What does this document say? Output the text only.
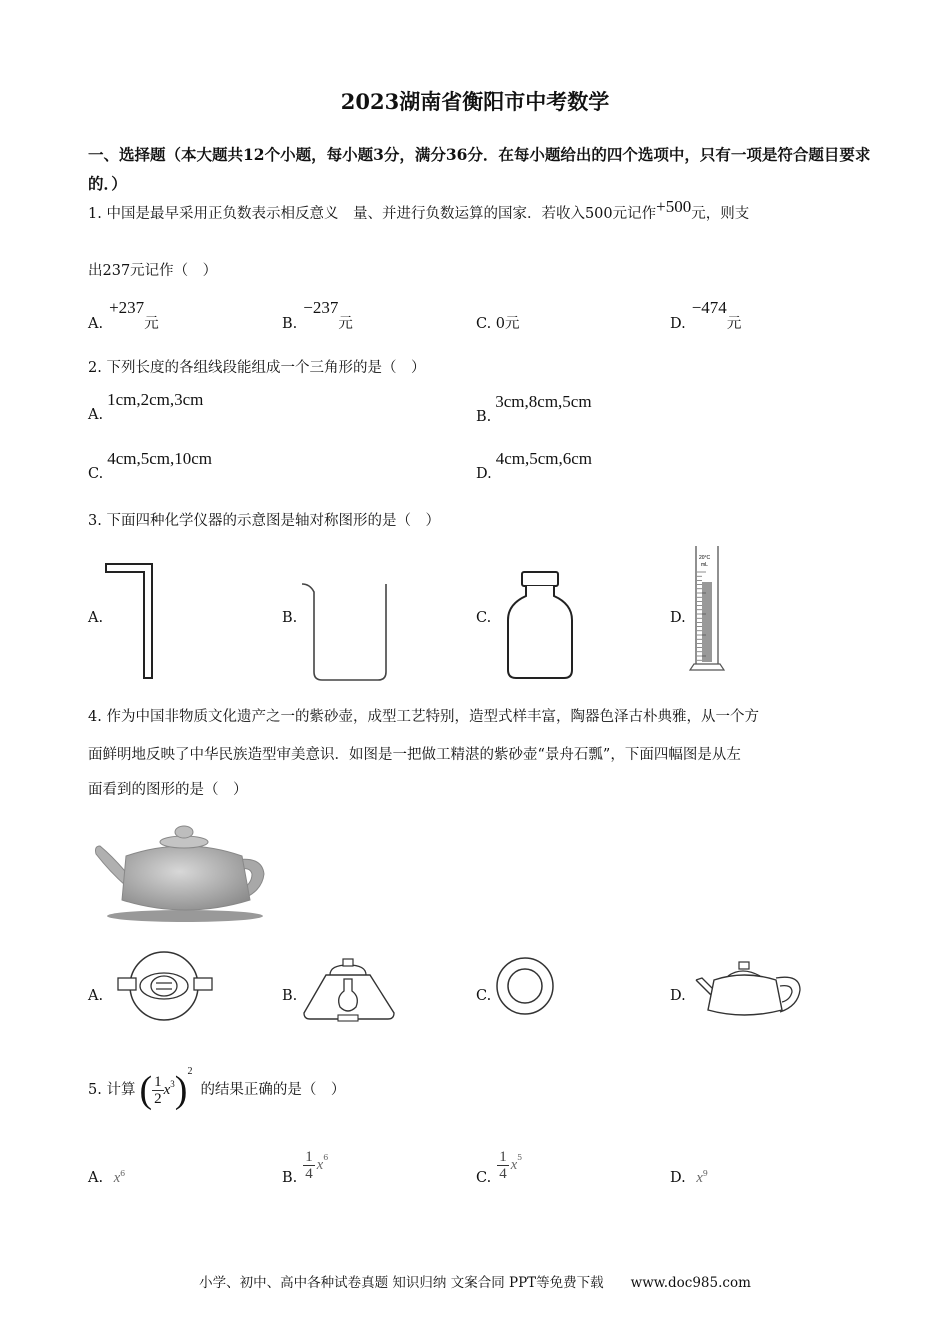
2023湖南省衡阳市中考数学
一、选择题（本大题共12个小题，每小题3分，满分36分．在每小题给出的四个选项中，只有一项是符合题目要求的．）
1. 中国是最早采用正负数表示相反意义　量、并进行负数运算的国家．若收入500元记作+500元，则支
出237元记作（　）
A.+237元	B.−237元	C. 0元	D.−474元
2. 下列长度的各组线段能组成一个三角形的是（　）
A.1cm,2cm,3cm
B.3cm,8cm,5cm
C.4cm,5cm,10cm
D.4cm,5cm,6cm
3. 下面四种化学仪器的示意图是轴对称图形的是（　）
A.	B.	C.	D.
20°C
mL
4. 作为中国非物质文化遗产之一的紫砂壶，成型工艺特别，造型式样丰富，陶器色泽古朴典雅，从一个方
面鲜明地反映了中华民族造型审美意识．如图是一把做工精湛的紫砂壶“景舟石瓢”，下面四幅图是从左
面看到的图形的是（　）
A.	B.	C.	D.
5. 计算 ( $\frac{1}{2} x^3$ )$^2$
的结果正确的是（　）
A. $x^6$	B. $\frac{1}{4} x^6$
C. $\frac{1}{4} x^5$
D. $x^9$
小学、初中、高中各种试卷真题 知识归纳 文案合同 PPT等免费下载　　www.doc985.com
